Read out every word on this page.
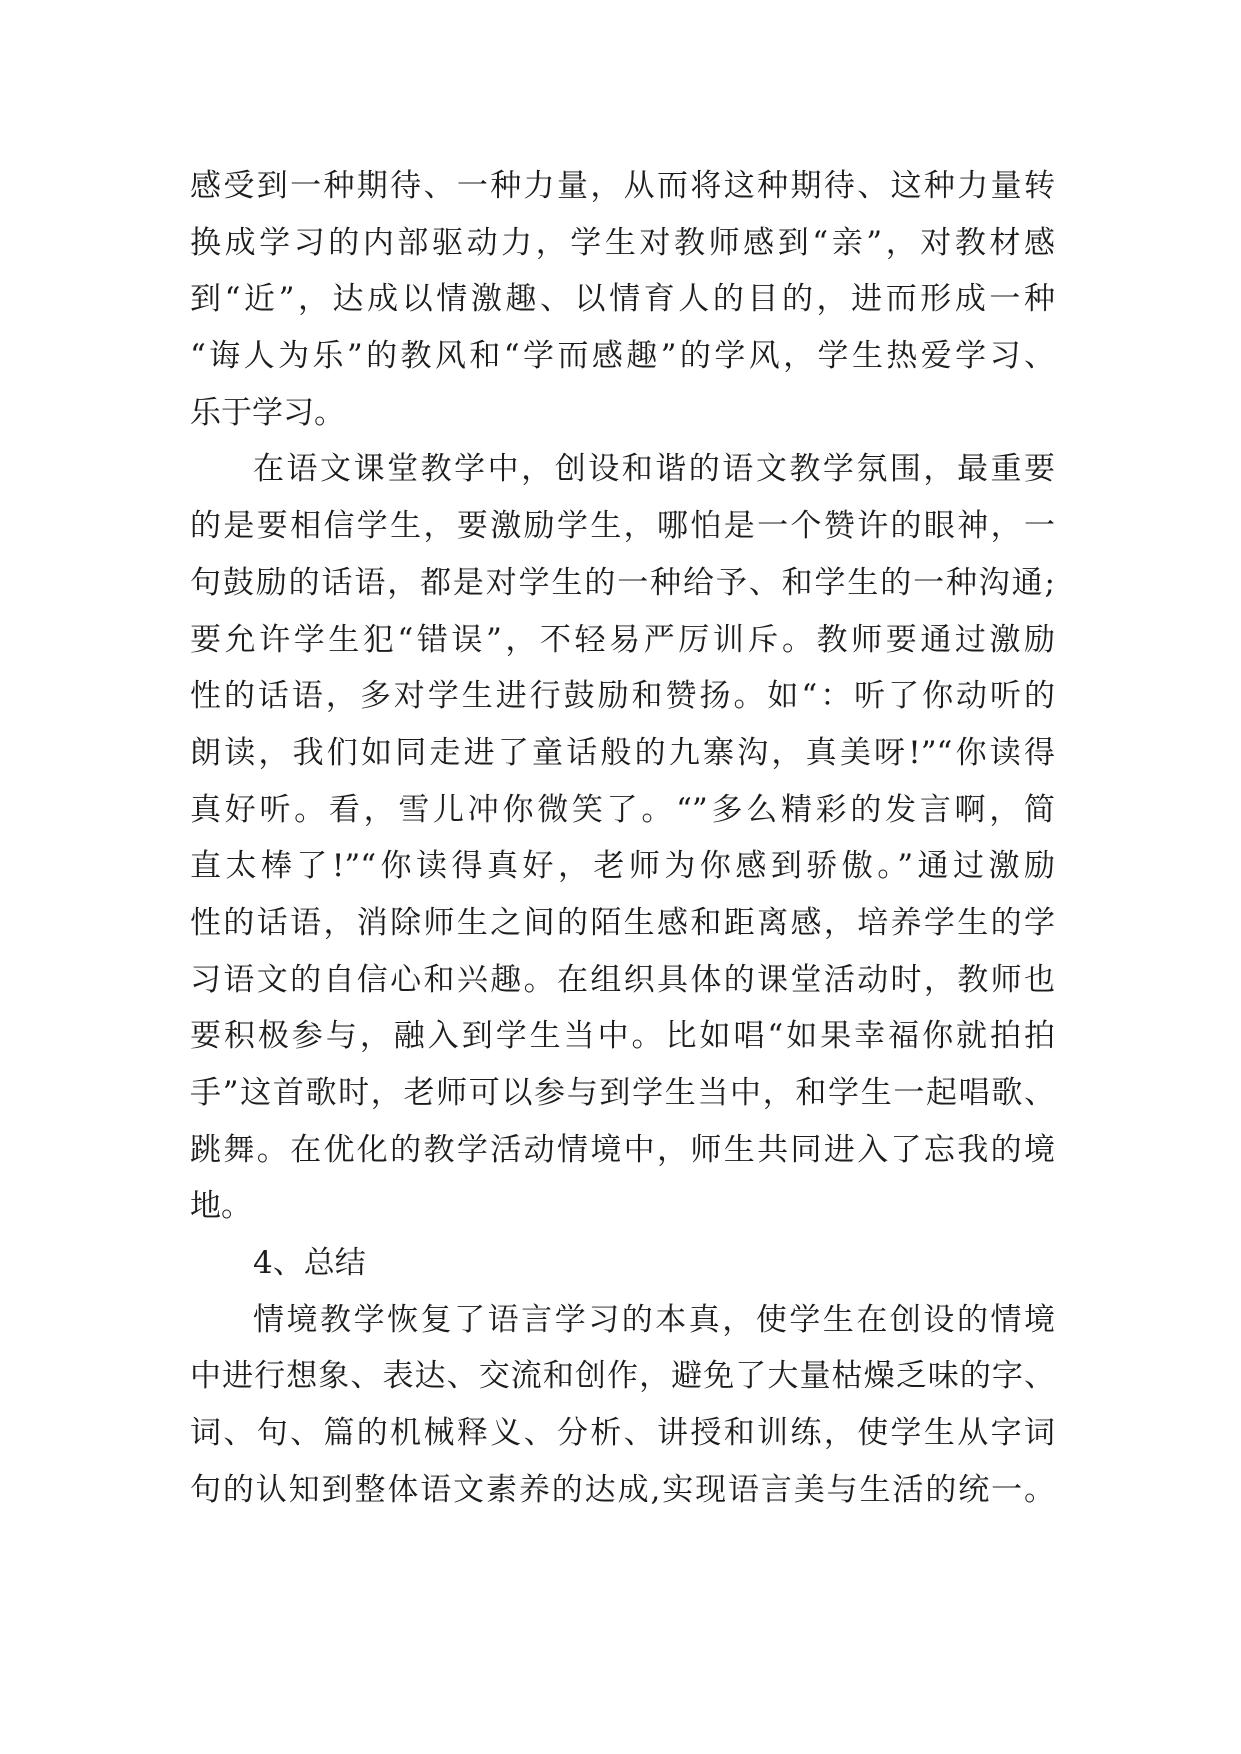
感受到一种期待、一种力量，从而将这种期待、这种力量转
换成学习的内部驱动力，学生对教师感到“亲”，对教材感
到“近”，达成以情激趣、以情育人的目的，进而形成一种
“诲人为乐”的教风和“学而感趣”的学风，学生热爱学习、
乐于学习。
在语文课堂教学中，创设和谐的语文教学氛围，最重要
的是要相信学生，要激励学生，哪怕是一个赞许的眼神，一
句鼓励的话语，都是对学生的一种给予、和学生的一种沟通;
要允许学生犯“错误”，不轻易严厉训斥。教师要通过激励
性的话语，多对学生进行鼓励和赞扬。如“：听了你动听的
朗读，我们如同走进了童话般的九寨沟，真美呀!”“你读得
真好听。看，雪儿冲你微笑了。“”多么精彩的发言啊，简
直太棒了!”“你读得真好，老师为你感到骄傲。”通过激励
性的话语，消除师生之间的陌生感和距离感，培养学生的学
习语文的自信心和兴趣。在组织具体的课堂活动时，教师也
要积极参与，融入到学生当中。比如唱“如果幸福你就拍拍
手”这首歌时，老师可以参与到学生当中，和学生一起唱歌、
跳舞。在优化的教学活动情境中，师生共同进入了忘我的境
地。
4、总结
情境教学恢复了语言学习的本真，使学生在创设的情境
中进行想象、表达、交流和创作，避免了大量枯燥乏味的字、
词、句、篇的机械释义、分析、讲授和训练，使学生从字词
句的认知到整体语文素养的达成,实现语言美与生活的统一。
